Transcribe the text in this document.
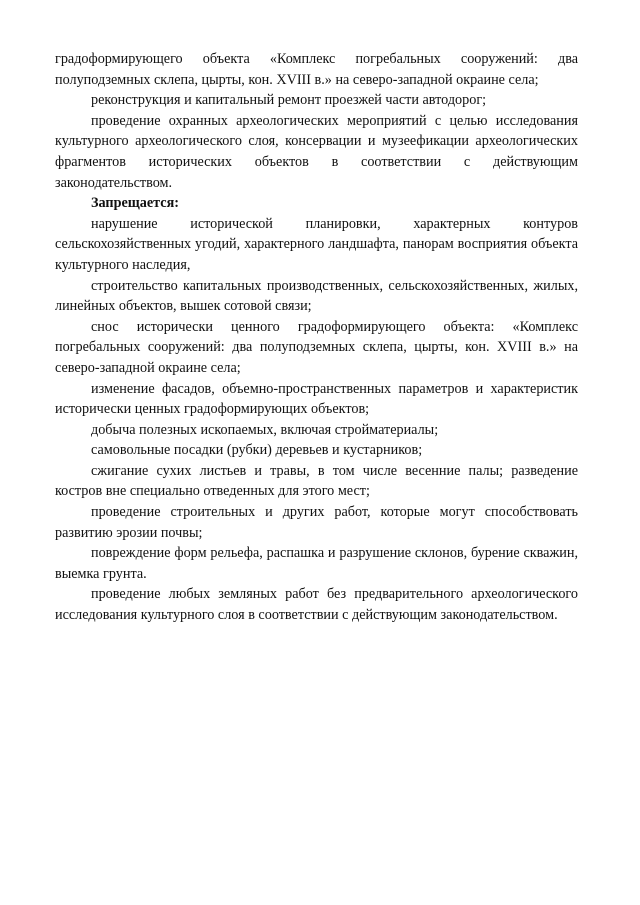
градоформирующего объекта «Комплекс погребальных сооружений: два полуподземных склепа, цырты, кон. XVIII в.» на северо-западной окраине села;

реконструкция и капитальный ремонт проезжей части автодорог;

проведение охранных археологических мероприятий с целью исследования культурного археологического слоя, консервации и музеефикации археологических фрагментов исторических объектов в соответствии с действующим законодательством.

Запрещается:

нарушение исторической планировки, характерных контуров сельскохозяйственных угодий, характерного ландшафта, панорам восприятия объекта культурного наследия,

строительство капитальных производственных, сельскохозяйственных, жилых, линейных объектов, вышек сотовой связи;

снос исторически ценного градоформирующего объекта: «Комплекс погребальных сооружений: два полуподземных склепа, цырты, кон. XVIII в.» на северо-западной окраине села;

изменение фасадов, объемно-пространственных параметров и характеристик исторически ценных градоформирующих объектов;

добыча полезных ископаемых, включая стройматериалы;

самовольные посадки (рубки) деревьев и кустарников;

сжигание сухих листьев и травы, в том числе весенние палы; разведение костров вне специально отведенных для этого мест;

проведение строительных и других работ, которые могут способствовать развитию эрозии почвы;

повреждение форм рельефа, распашка и разрушение склонов, бурение скважин, выемка грунта.

проведение любых земляных работ без предварительного археологического исследования культурного слоя в соответствии с действующим законодательством.
